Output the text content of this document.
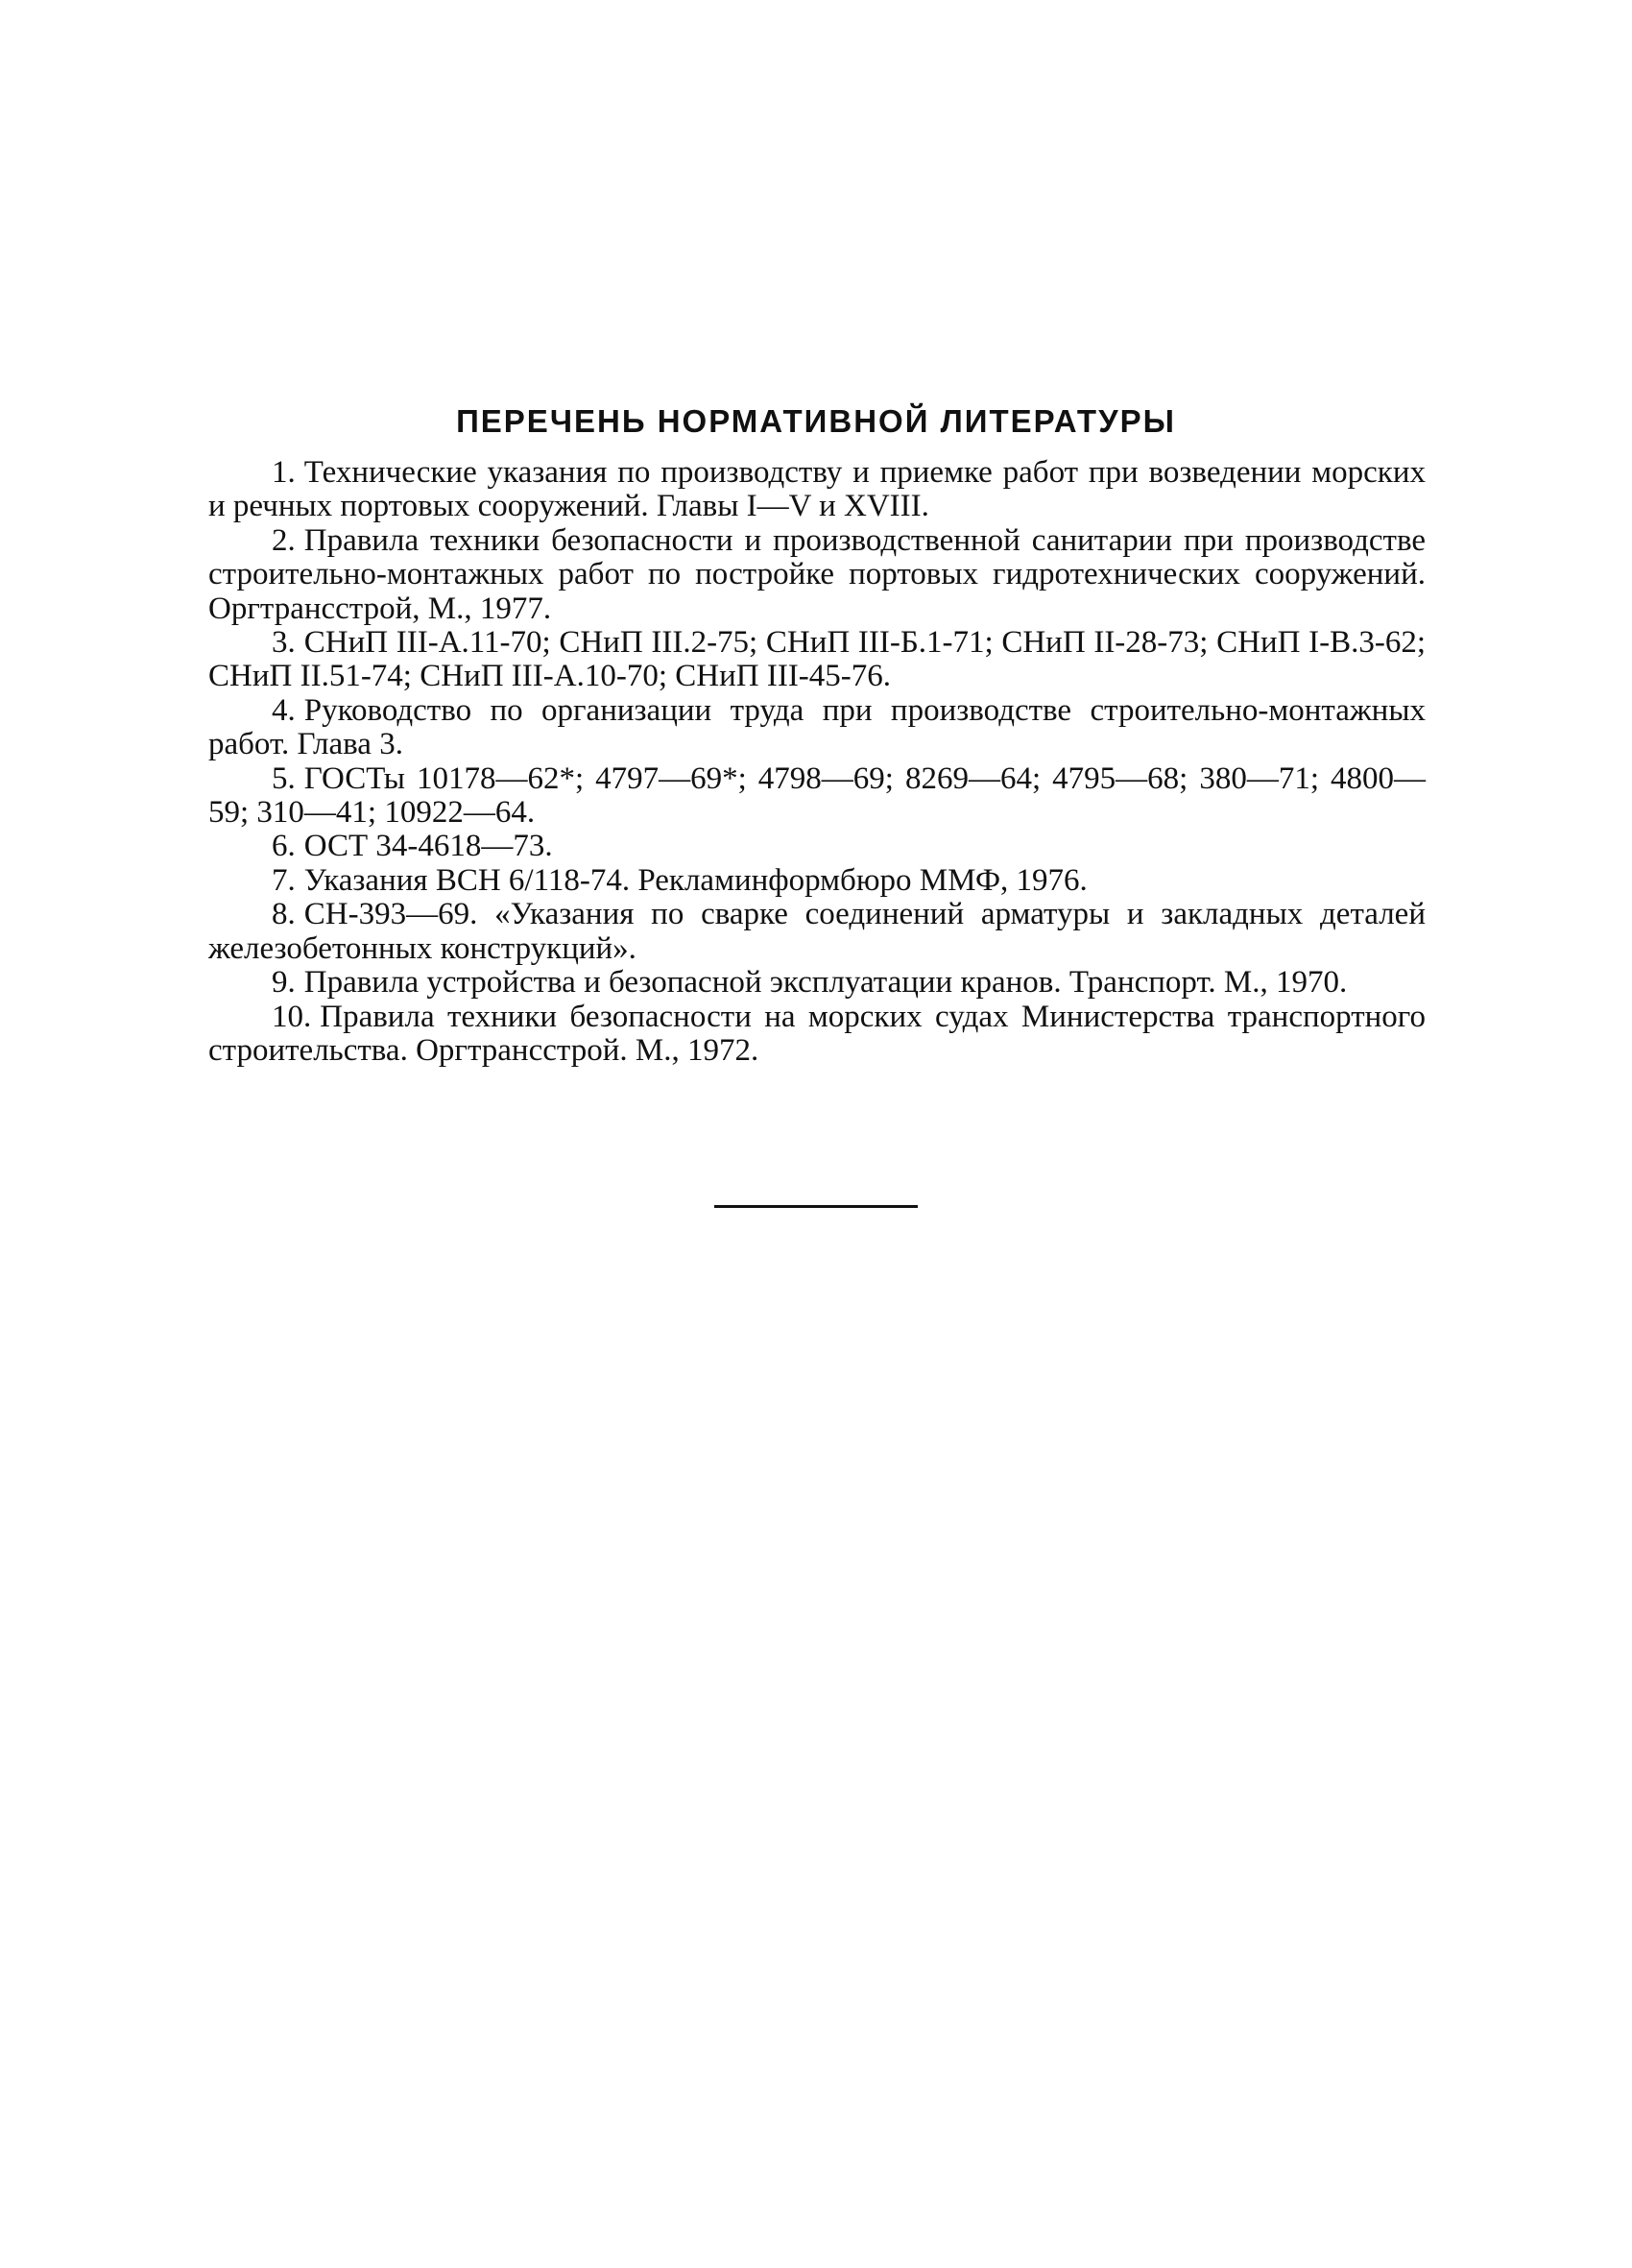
ПЕРЕЧЕНЬ НОРМАТИВНОЙ ЛИТЕРАТУРЫ
1. Технические указания по производству и приемке работ при возведении морских и речных портовых сооружений. Главы I—V и XVIII.
2. Правила техники безопасности и производственной санитарии при производстве строительно-монтажных работ по постройке портовых гидротехнических сооружений. Оргтрансстрой, М., 1977.
3. СНиП III-А.11-70; СНиП III.2-75; СНиП III-Б.1-71; СНиП II-28-73; СНиП I-В.3-62; СНиП II.51-74; СНиП III-А.10-70; СНиП III-45-76.
4. Руководство по организации труда при производстве строительно-монтажных работ. Глава 3.
5. ГОСТы 10178—62*; 4797—69*; 4798—69; 8269—64; 4795—68; 380—71; 4800—59; 310—41; 10922—64.
6. ОСТ 34-4618—73.
7. Указания ВСН 6/118-74. Рекламинформбюро ММФ, 1976.
8. СН-393—69. «Указания по сварке соединений арматуры и закладных деталей железобетонных конструкций».
9. Правила устройства и безопасной эксплуатации кранов. Транспорт. М., 1970.
10. Правила техники безопасности на морских судах Министерства транспортного строительства. Оргтрансстрой. М., 1972.
